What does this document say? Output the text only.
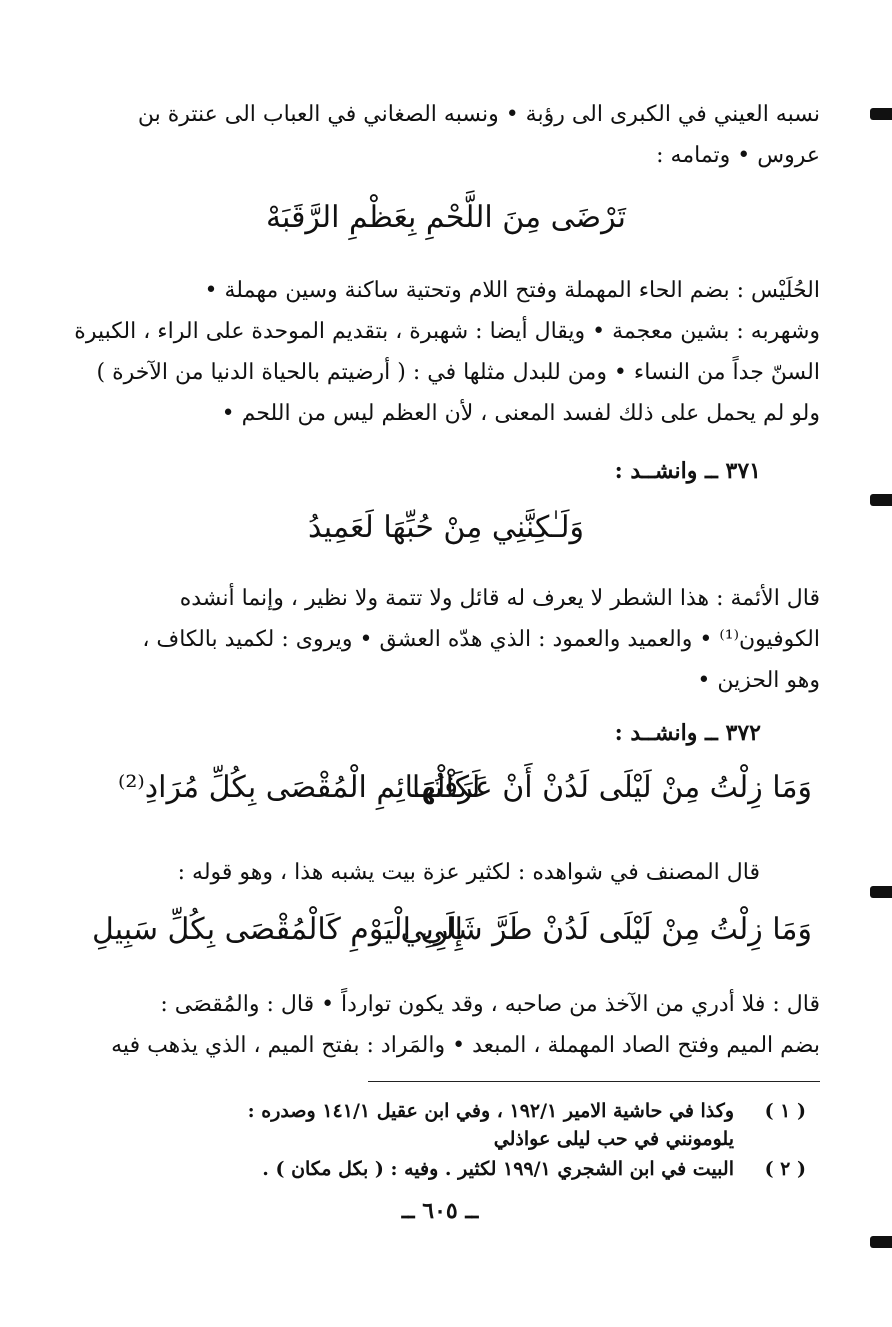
نسبه العيني في الكبرى الى رؤبة • ونسبه الصغاني في العباب الى عنترة بن
عروس • وتمامه :
تَرْضَى مِنَ اللَّحْمِ بِعَظْمِ الرَّقَبَهْ
الحُلَيْس : بضم الحاء المهملة وفتح اللام وتحتية ساكنة وسين مهملة •
وشهربه : بشين معجمة • ويقال أيضا : شهبرة ، بتقديم الموحدة على الراء ، الكبيرة
السنّ جداً من النساء • ومن للبدل مثلها في : ( أرضيتم بالحياة الدنيا من الآخرة )
ولو لم يحمل على ذلك لفسد المعنى ، لأن العظم ليس من اللحم •
٣٧١ ــ وانشــد :
وَلَـٰكِنَّنِي مِنْ حُبِّهَا لَعَمِيدُ
قال الأئمة : هذا الشطر لا يعرف له قائل ولا تتمة ولا نظير ، وإنما أنشده
الكوفيون⁽¹⁾ • والعميد والعمود : الذي هدّه العشق • ويروى : لكميد بالكاف ،
وهو الحزين •
٣٧٢ ــ وانشــد :
وَمَا زِلْتُ مِنْ لَيْلَى لَدُنْ أَنْ عَرَفْتُهَا
لَكَالْهَـائِمِ الْمُقْصَى بِكُلِّ مُرَادِ⁽²⁾
قال المصنف في شواهده : لكثير عزة بيت يشبه هذا ، وهو قوله :
وَمَا زِلْتُ مِنْ لَيْلَى لَدُنْ طَرَّ شَارِبِي
إِلَى الْيَوْمِ كَالْمُقْصَى بِكُلِّ سَبِيلِ
قال : فلا أدري من الآخذ من صاحبه ، وقد يكون توارداً • قال : والمُقصَى :
بضم الميم وفتح الصاد المهملة ، المبعد • والمَراد : بفتح الميم ، الذي يذهب فيه
( ١ )
وكذا في حاشية الامير ١٩٢/١ ، وفي ابن عقيل ١٤١/١ وصدره :
يلومونني في حب ليلى عواذلي
( ٢ )
البيت في ابن الشجري ١٩٩/١ لكثير . وفيه : ( بكل مكان ) .
ــ ٦٠٥ ــ
